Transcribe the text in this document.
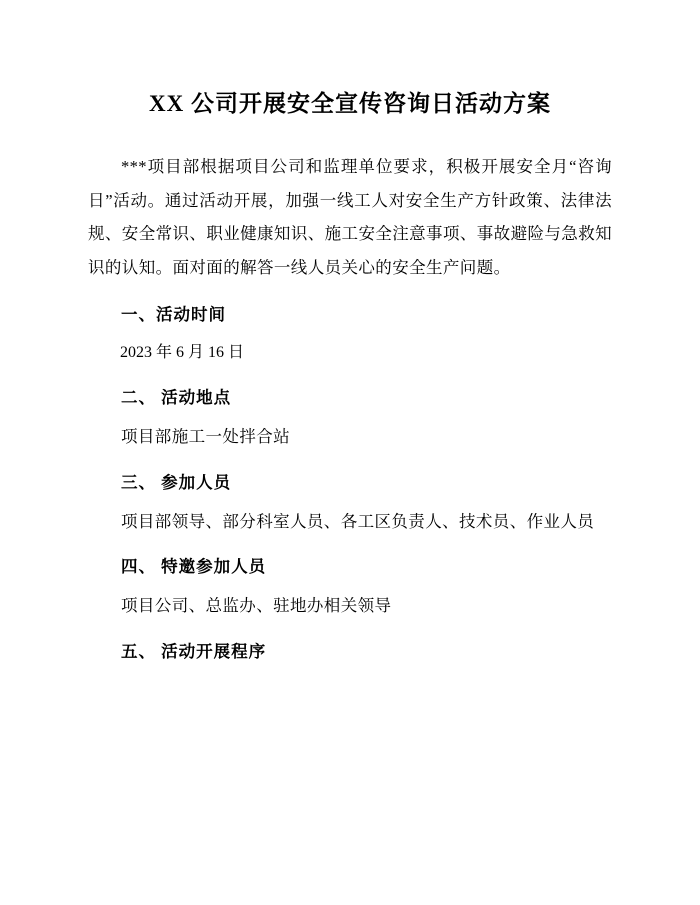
XX 公司开展安全宣传咨询日活动方案

***项目部根据项目公司和监理单位要求，积极开展安全月“咨询日”活动。通过活动开展，加强一线工人对安全生产方针政策、法律法规、安全常识、职业健康知识、施工安全注意事项、事故避险与急救知识的认知。面对面的解答一线人员关心的安全生产问题。

一、活动时间

2023 年 6 月 16 日

二、 活动地点

项目部施工一处拌合站

三、 参加人员

项目部领导、部分科室人员、各工区负责人、技术员、作业人员

四、 特邀参加人员

项目公司、总监办、驻地办相关领导

五、 活动开展程序
